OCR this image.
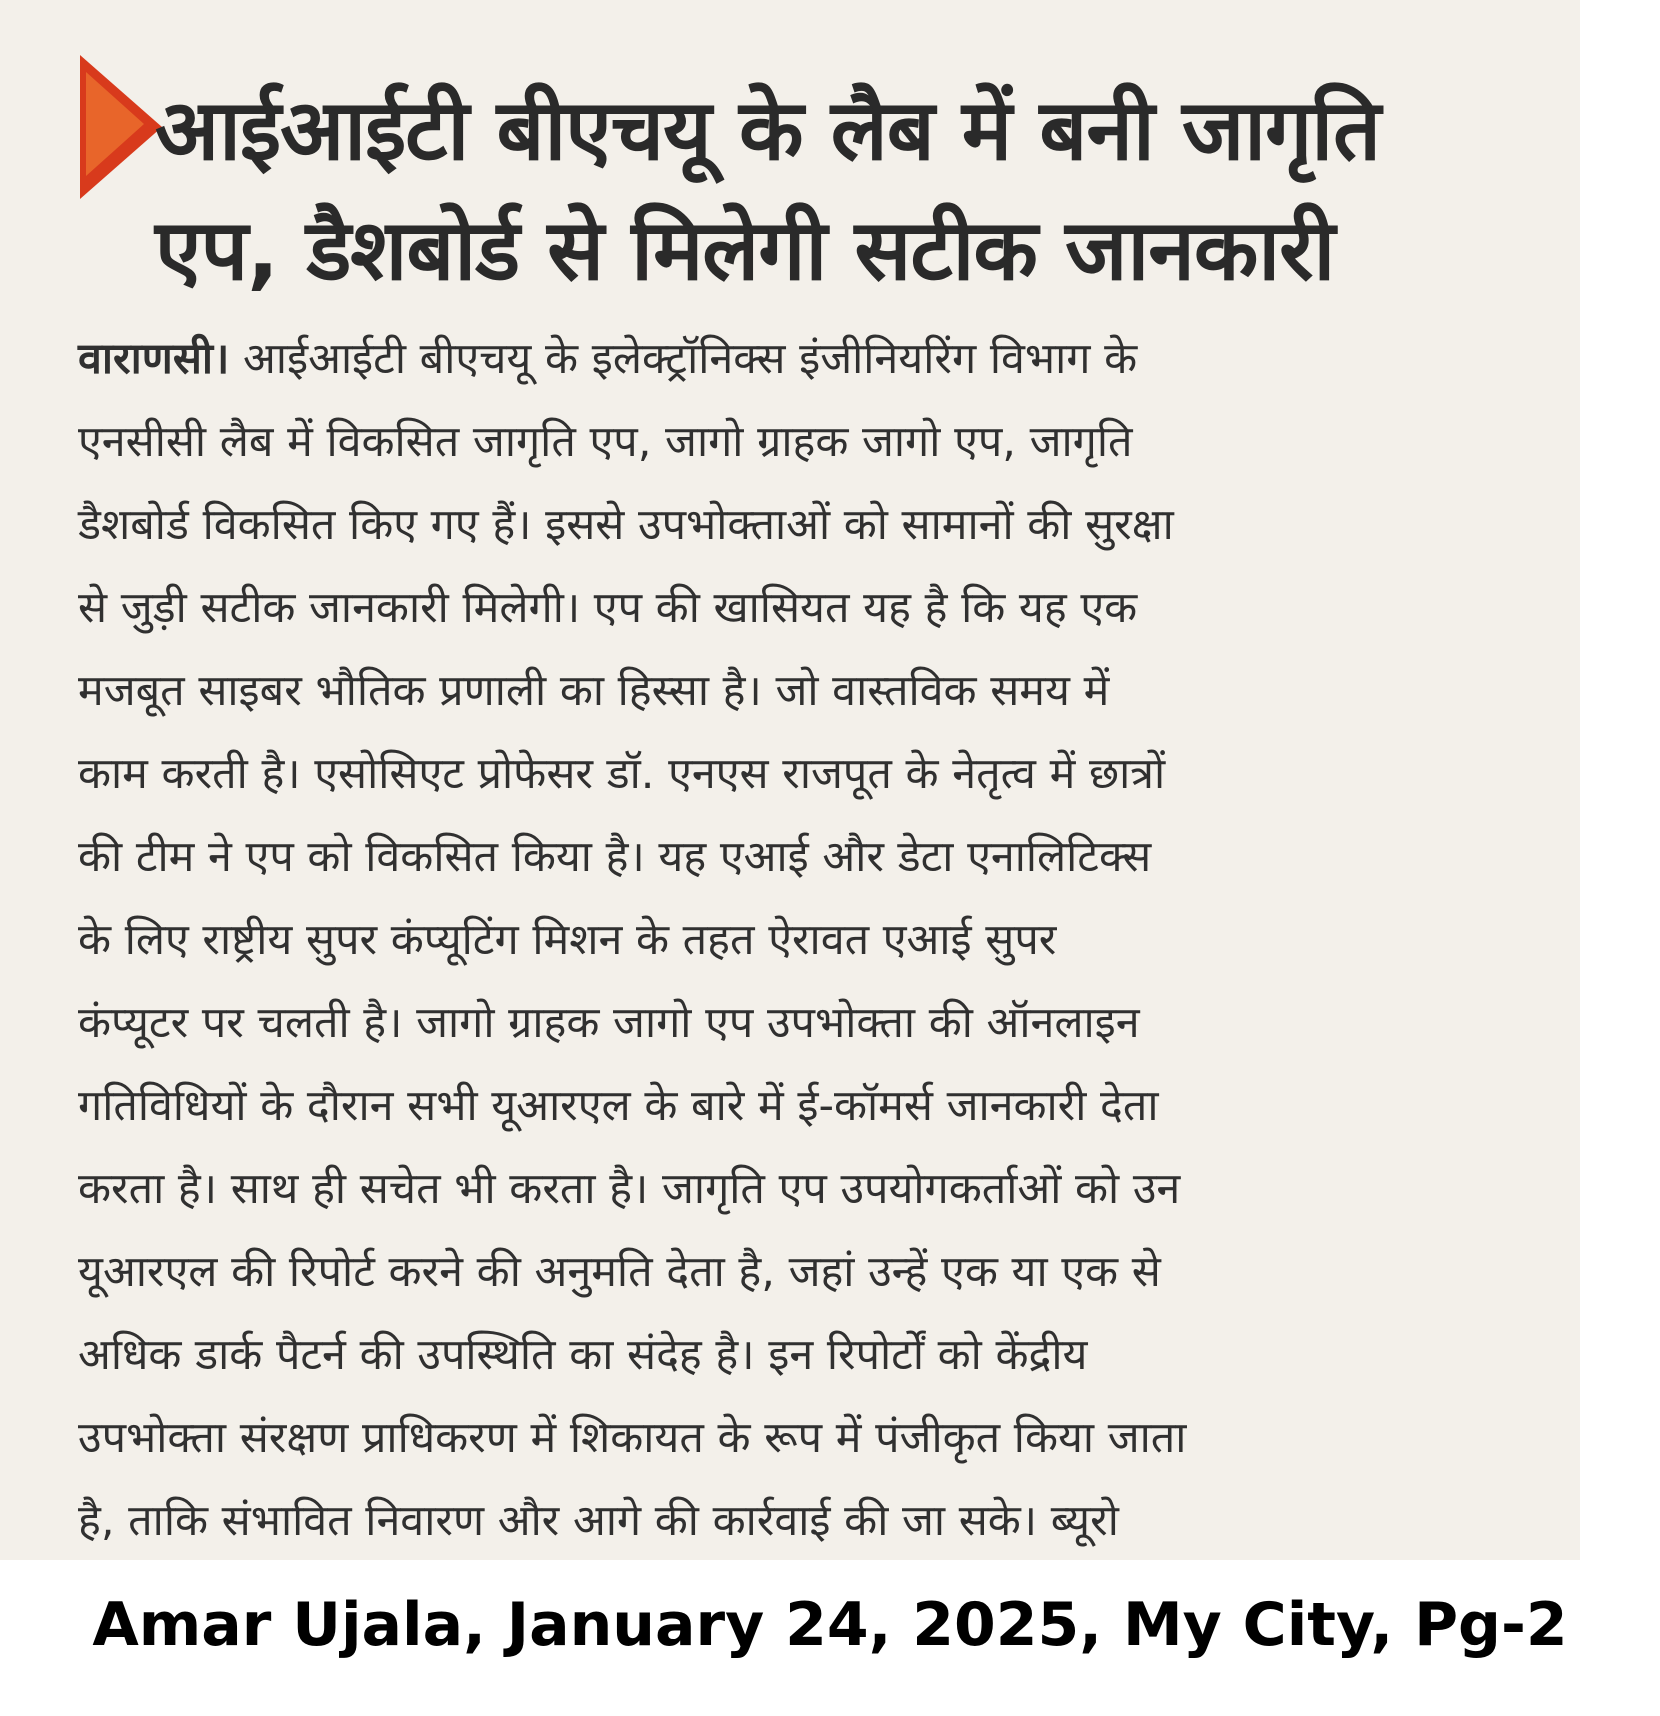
आईआईटी बीएचयू के लैब में बनी जागृति
एप, डैशबोर्ड से मिलेगी सटीक जानकारी
वाराणसी। आईआईटी बीएचयू के इलेक्ट्रॉनिक्स इंजीनियरिंग विभाग के
एनसीसी लैब में विकसित जागृति एप, जागो ग्राहक जागो एप, जागृति
डैशबोर्ड विकसित किए गए हैं। इससे उपभोक्ताओं को सामानों की सुरक्षा
से जुड़ी सटीक जानकारी मिलेगी। एप की खासियत यह है कि यह एक
मजबूत साइबर भौतिक प्रणाली का हिस्सा है। जो वास्तविक समय में
काम करती है। एसोसिएट प्रोफेसर डॉ. एनएस राजपूत के नेतृत्व में छात्रों
की टीम ने एप को विकसित किया है। यह एआई और डेटा एनालिटिक्स
के लिए राष्ट्रीय सुपर कंप्यूटिंग मिशन के तहत ऐरावत एआई सुपर
कंप्यूटर पर चलती है। जागो ग्राहक जागो एप उपभोक्ता की ऑनलाइन
गतिविधियों के दौरान सभी यूआरएल के बारे में ई-कॉमर्स जानकारी देता
करता है। साथ ही सचेत भी करता है। जागृति एप उपयोगकर्ताओं को उन
यूआरएल की रिपोर्ट करने की अनुमति देता है, जहां उन्हें एक या एक से
अधिक डार्क पैटर्न की उपस्थिति का संदेह है। इन रिपोर्टों को केंद्रीय
उपभोक्ता संरक्षण प्राधिकरण में शिकायत के रूप में पंजीकृत किया जाता
है, ताकि संभावित निवारण और आगे की कार्रवाई की जा सके। ब्यूरो
Amar Ujala, January 24, 2025, My City, Pg-2
